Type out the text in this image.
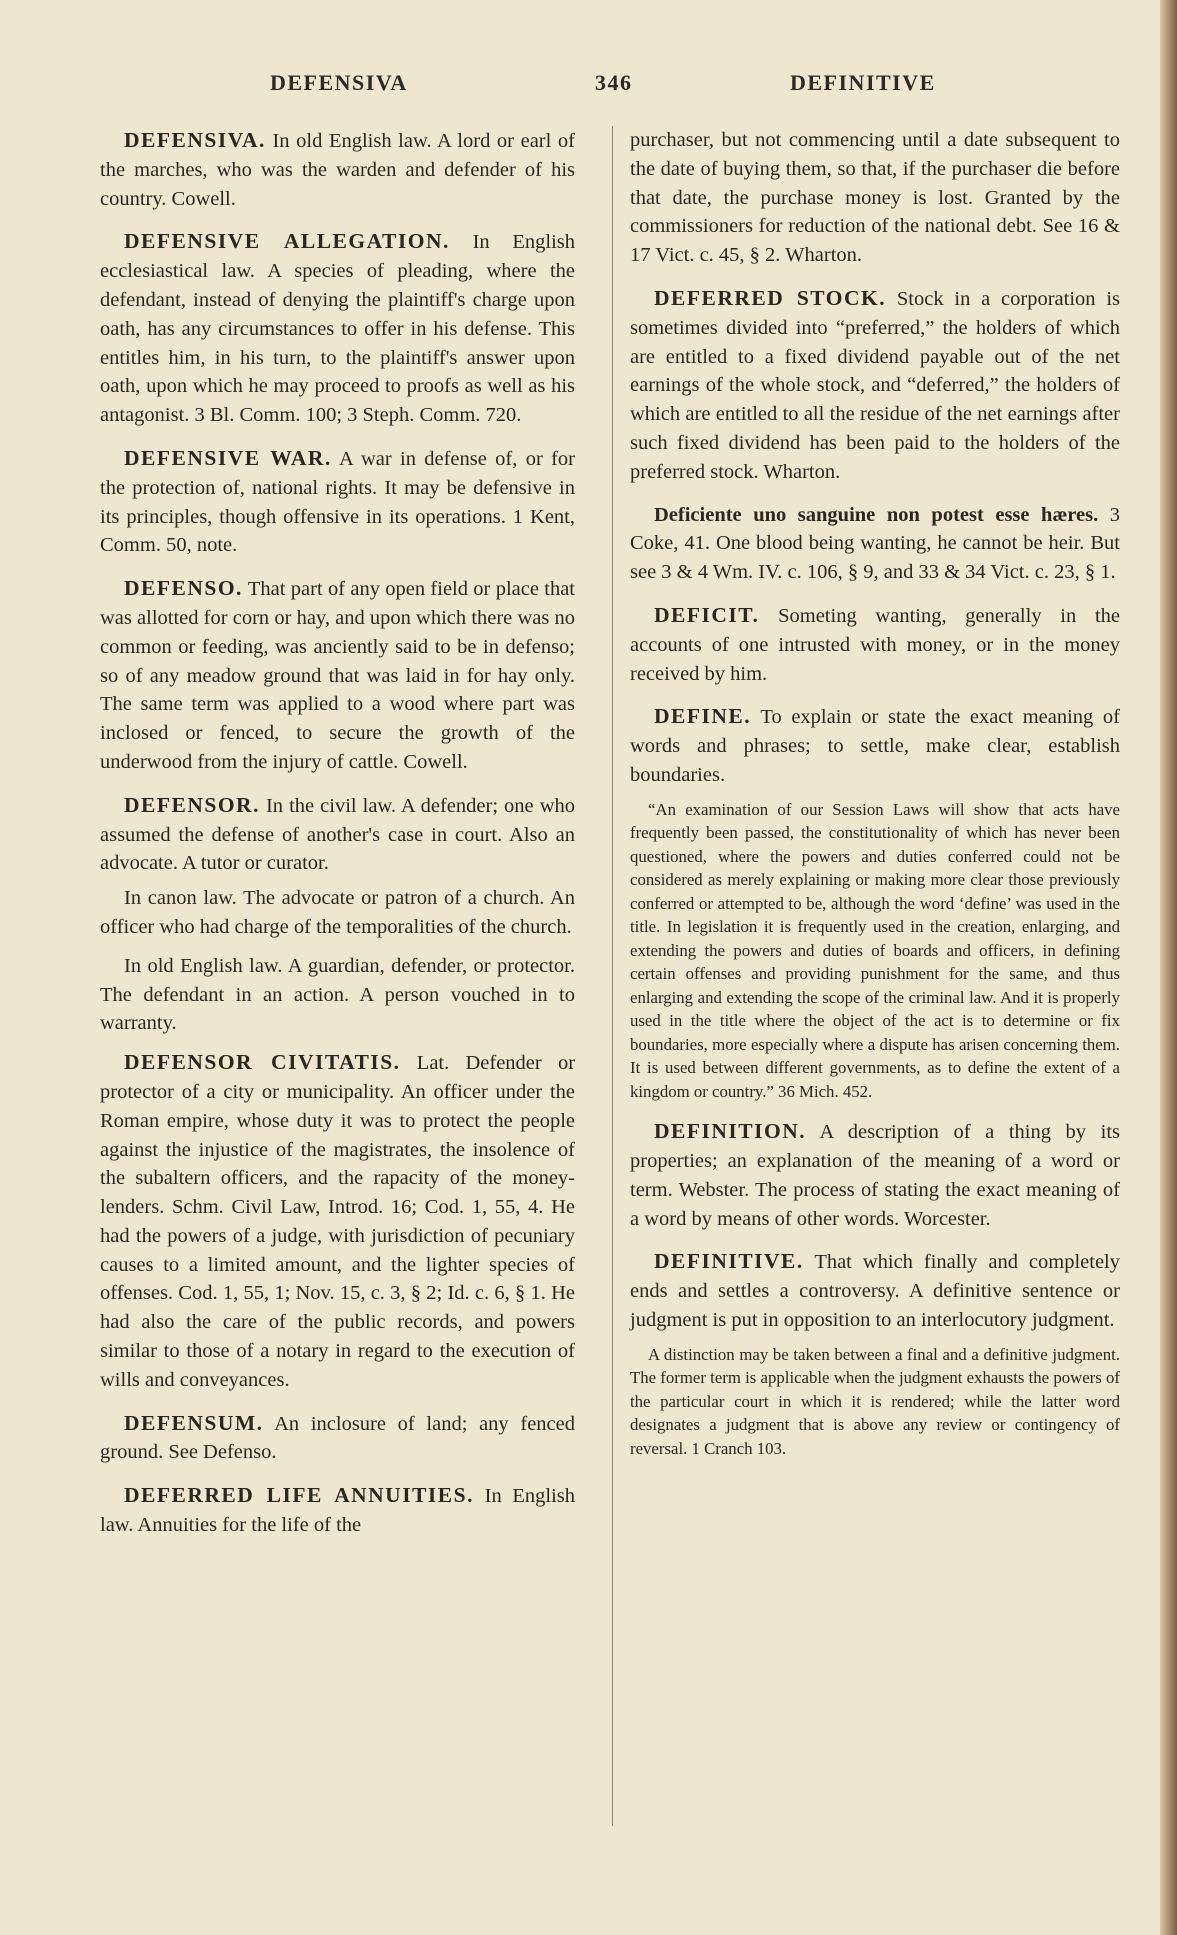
DEFENSIVA	346	DEFINITIVE

DEFENSIVA. In old English law. A lord or earl of the marches, who was the warden and defender of his country. Cowell.

DEFENSIVE ALLEGATION. In English ecclesiastical law. A species of pleading, where the defendant, instead of denying the plaintiff's charge upon oath, has any circumstances to offer in his defense. This entitles him, in his turn, to the plaintiff's answer upon oath, upon which he may proceed to proofs as well as his antagonist. 3 Bl. Comm. 100; 3 Steph. Comm. 720.

DEFENSIVE WAR. A war in defense of, or for the protection of, national rights. It may be defensive in its principles, though offensive in its operations. 1 Kent, Comm. 50, note.

DEFENSO. That part of any open field or place that was allotted for corn or hay, and upon which there was no common or feeding, was anciently said to be in defenso; so of any meadow ground that was laid in for hay only. The same term was applied to a wood where part was inclosed or fenced, to secure the growth of the underwood from the injury of cattle. Cowell.

DEFENSOR. In the civil law. A defender; one who assumed the defense of another's case in court. Also an advocate. A tutor or curator.

In canon law. The advocate or patron of a church. An officer who had charge of the temporalities of the church.

In old English law. A guardian, defender, or protector. The defendant in an action. A person vouched in to warranty.

DEFENSOR CIVITATIS. Lat. Defender or protector of a city or municipality. An officer under the Roman empire, whose duty it was to protect the people against the injustice of the magistrates, the insolence of the subaltern officers, and the rapacity of the money-lenders. Schm. Civil Law, Introd. 16; Cod. 1, 55, 4. He had the powers of a judge, with jurisdiction of pecuniary causes to a limited amount, and the lighter species of offenses. Cod. 1, 55, 1; Nov. 15, c. 3, § 2; Id. c. 6, § 1. He had also the care of the public records, and powers similar to those of a notary in regard to the execution of wills and conveyances.

DEFENSUM. An inclosure of land; any fenced ground. See Defenso.

DEFERRED LIFE ANNUITIES. In English law. Annuities for the life of the

purchaser, but not commencing until a date subsequent to the date of buying them, so that, if the purchaser die before that date, the purchase money is lost. Granted by the commissioners for reduction of the national debt. See 16 & 17 Vict. c. 45, § 2. Wharton.

DEFERRED STOCK. Stock in a corporation is sometimes divided into “preferred,” the holders of which are entitled to a fixed dividend payable out of the net earnings of the whole stock, and “deferred,” the holders of which are entitled to all the residue of the net earnings after such fixed dividend has been paid to the holders of the preferred stock. Wharton.

Deficiente uno sanguine non potest esse hæres. 3 Coke, 41. One blood being wanting, he cannot be heir. But see 3 & 4 Wm. IV. c. 106, § 9, and 33 & 34 Vict. c. 23, § 1.

DEFICIT. Someting wanting, generally in the accounts of one intrusted with money, or in the money received by him.

DEFINE. To explain or state the exact meaning of words and phrases; to settle, make clear, establish boundaries.

“An examination of our Session Laws will show that acts have frequently been passed, the constitutionality of which has never been questioned, where the powers and duties conferred could not be considered as merely explaining or making more clear those previously conferred or attempted to be, although the word ‘define’ was used in the title. In legislation it is frequently used in the creation, enlarging, and extending the powers and duties of boards and officers, in defining certain offenses and providing punishment for the same, and thus enlarging and extending the scope of the criminal law. And it is properly used in the title where the object of the act is to determine or fix boundaries, more especially where a dispute has arisen concerning them. It is used between different governments, as to define the extent of a kingdom or country.” 36 Mich. 452.

DEFINITION. A description of a thing by its properties; an explanation of the meaning of a word or term. Webster. The process of stating the exact meaning of a word by means of other words. Worcester.

DEFINITIVE. That which finally and completely ends and settles a controversy. A definitive sentence or judgment is put in opposition to an interlocutory judgment.

A distinction may be taken between a final and a definitive judgment. The former term is applicable when the judgment exhausts the powers of the particular court in which it is rendered; while the latter word designates a judgment that is above any review or contingency of reversal. 1 Cranch 103.
